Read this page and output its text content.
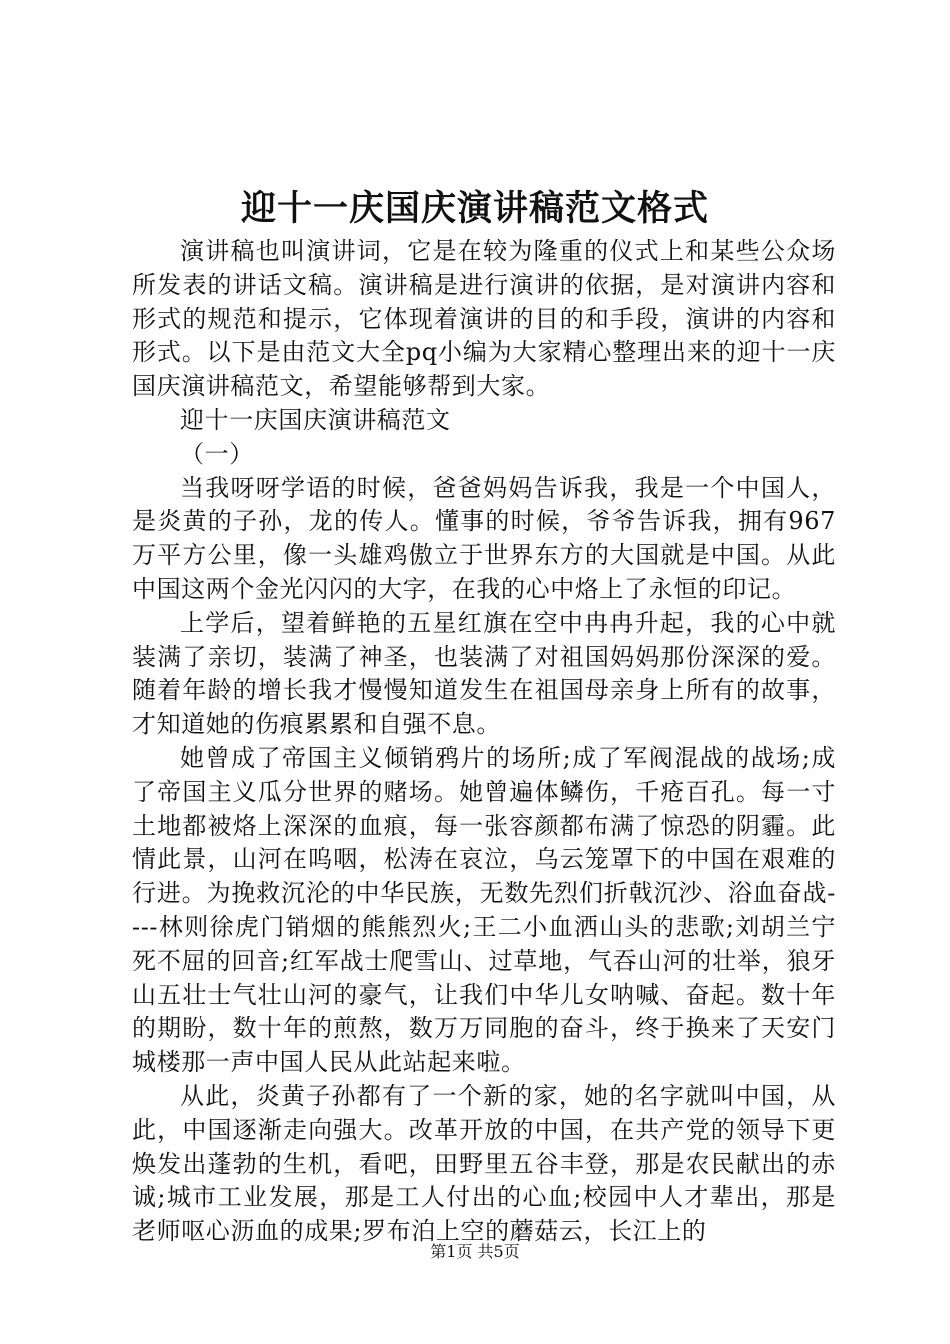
迎十一庆国庆演讲稿范文格式

演讲稿也叫演讲词，它是在较为隆重的仪式上和某些公众场所发表的讲话文稿。演讲稿是进行演讲的依据，是对演讲内容和形式的规范和提示，它体现着演讲的目的和手段，演讲的内容和形式。以下是由范文大全pq小编为大家精心整理出来的迎十一庆国庆演讲稿范文，希望能够帮到大家。

迎十一庆国庆演讲稿范文

（一）

当我呀呀学语的时候，爸爸妈妈告诉我，我是一个中国人，是炎黄的子孙，龙的传人。懂事的时候，爷爷告诉我，拥有967万平方公里，像一头雄鸡傲立于世界东方的大国就是中国。从此中国这两个金光闪闪的大字，在我的心中烙上了永恒的印记。

上学后，望着鲜艳的五星红旗在空中冉冉升起，我的心中就装满了亲切，装满了神圣，也装满了对祖国妈妈那份深深的爱。随着年龄的增长我才慢慢知道发生在祖国母亲身上所有的故事，才知道她的伤痕累累和自强不息。

她曾成了帝国主义倾销鸦片的场所;成了军阀混战的战场;成了帝国主义瓜分世界的赌场。她曾遍体鳞伤，千疮百孔。每一寸土地都被烙上深深的血痕，每一张容颜都布满了惊恐的阴霾。此情此景，山河在呜咽，松涛在哀泣，乌云笼罩下的中国在艰难的行进。为挽救沉沦的中华民族，无数先烈们折戟沉沙、浴血奋战----林则徐虎门销烟的熊熊烈火;王二小血洒山头的悲歌;刘胡兰宁死不屈的回音;红军战士爬雪山、过草地，气吞山河的壮举，狼牙山五壮士气壮山河的豪气，让我们中华儿女呐喊、奋起。数十年的期盼，数十年的煎熬，数万万同胞的奋斗，终于换来了天安门城楼那一声中国人民从此站起来啦。

从此，炎黄子孙都有了一个新的家，她的名字就叫中国，从此，中国逐渐走向强大。改革开放的中国，在共产党的领导下更焕发出蓬勃的生机，看吧，田野里五谷丰登，那是农民献出的赤诚;城市工业发展，那是工人付出的心血;校园中人才辈出，那是老师呕心沥血的成果;罗布泊上空的蘑菇云，长江上的

第1页 共5页
